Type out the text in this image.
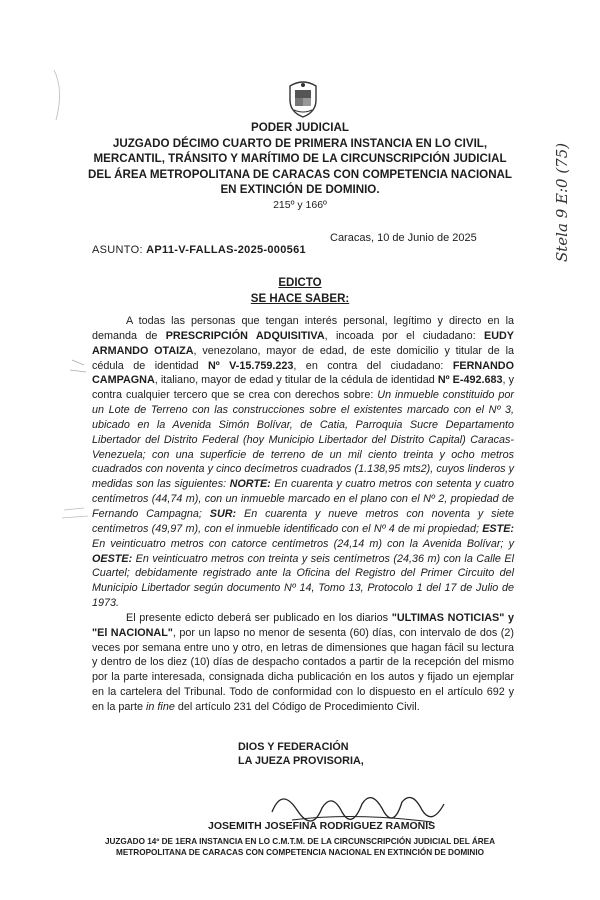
Stela 9 E:0 (75)
PODER JUDICIAL
JUZGADO DÉCIMO CUARTO DE PRIMERA INSTANCIA EN LO CIVIL,
MERCANTIL, TRÁNSITO Y MARÍTIMO DE LA CIRCUNSCRIPCIÓN JUDICIAL
DEL ÁREA METROPOLITANA DE CARACAS CON COMPETENCIA NACIONAL
EN EXTINCIÓN DE DOMINIO.
215º y 166º
Caracas, 10 de Junio de 2025
ASUNTO: AP11-V-FALLAS-2025-000561
EDICTO
SE HACE SABER:

A todas las personas que tengan interés personal, legítimo y directo en la demanda de PRESCRIPCIÓN ADQUISITIVA, incoada por el ciudadano: EUDY ARMANDO OTAIZA, venezolano, mayor de edad, de este domicilio y titular de la cédula de identidad Nº V-15.759.223, en contra del ciudadano: FERNANDO CAMPAGNA, italiano, mayor de edad y titular de la cédula de identidad Nº E-492.683, y contra cualquier tercero que se crea con derechos sobre: Un inmueble constituido por un Lote de Terreno con las construcciones sobre el existentes marcado con el Nº 3, ubicado en la Avenida Simón Bolívar, de Catia, Parroquia Sucre Departamento Libertador del Distrito Federal (hoy Municipio Libertador del Distrito Capital) Caracas-Venezuela; con una superficie de terreno de un mil ciento treinta y ocho metros cuadrados con noventa y cinco decímetros cuadrados (1.138,95 mts2), cuyos linderos y medidas son las siguientes: NORTE: En cuarenta y cuatro metros con setenta y cuatro centímetros (44,74 m), con un inmueble marcado en el plano con el Nº 2, propiedad de Fernando Campagna; SUR: En cuarenta y nueve metros con noventa y siete centímetros (49,97 m), con el inmueble identificado con el Nº 4 de mi propiedad; ESTE: En veinticuatro metros con catorce centímetros (24,14 m) con la Avenida Bolívar; y OESTE: En veinticuatro metros con treinta y seis centímetros (24,36 m) con la Calle El Cuartel; debidamente registrado ante la Oficina del Registro del Primer Circuito del Municipio Libertador según documento Nº 14, Tomo 13, Protocolo 1 del 17 de Julio de 1973.

El presente edicto deberá ser publicado en los diarios "ULTIMAS NOTICIAS" y "El NACIONAL", por un lapso no menor de sesenta (60) días, con intervalo de dos (2) veces por semana entre uno y otro, en letras de dimensiones que hagan fácil su lectura y dentro de los diez (10) días de despacho contados a partir de la recepción del mismo por la parte interesada, consignada dicha publicación en los autos y fijado un ejemplar en la cartelera del Tribunal. Todo de conformidad con lo dispuesto en el artículo 692 y en la parte in fine del artículo 231 del Código de Procedimiento Civil.

DIOS Y FEDERACIÓN
LA JUEZA PROVISORIA,
JOSEMITH JOSEFINA RODRIGUEZ RAMONIS
JUZGADO 14º DE 1ERA INSTANCIA EN LO C.M.T.M. DE LA CIRCUNSCRIPCIÓN JUDICIAL DEL ÁREA
METROPOLITANA DE CARACAS CON COMPETENCIA NACIONAL EN EXTINCIÓN DE DOMINIO
